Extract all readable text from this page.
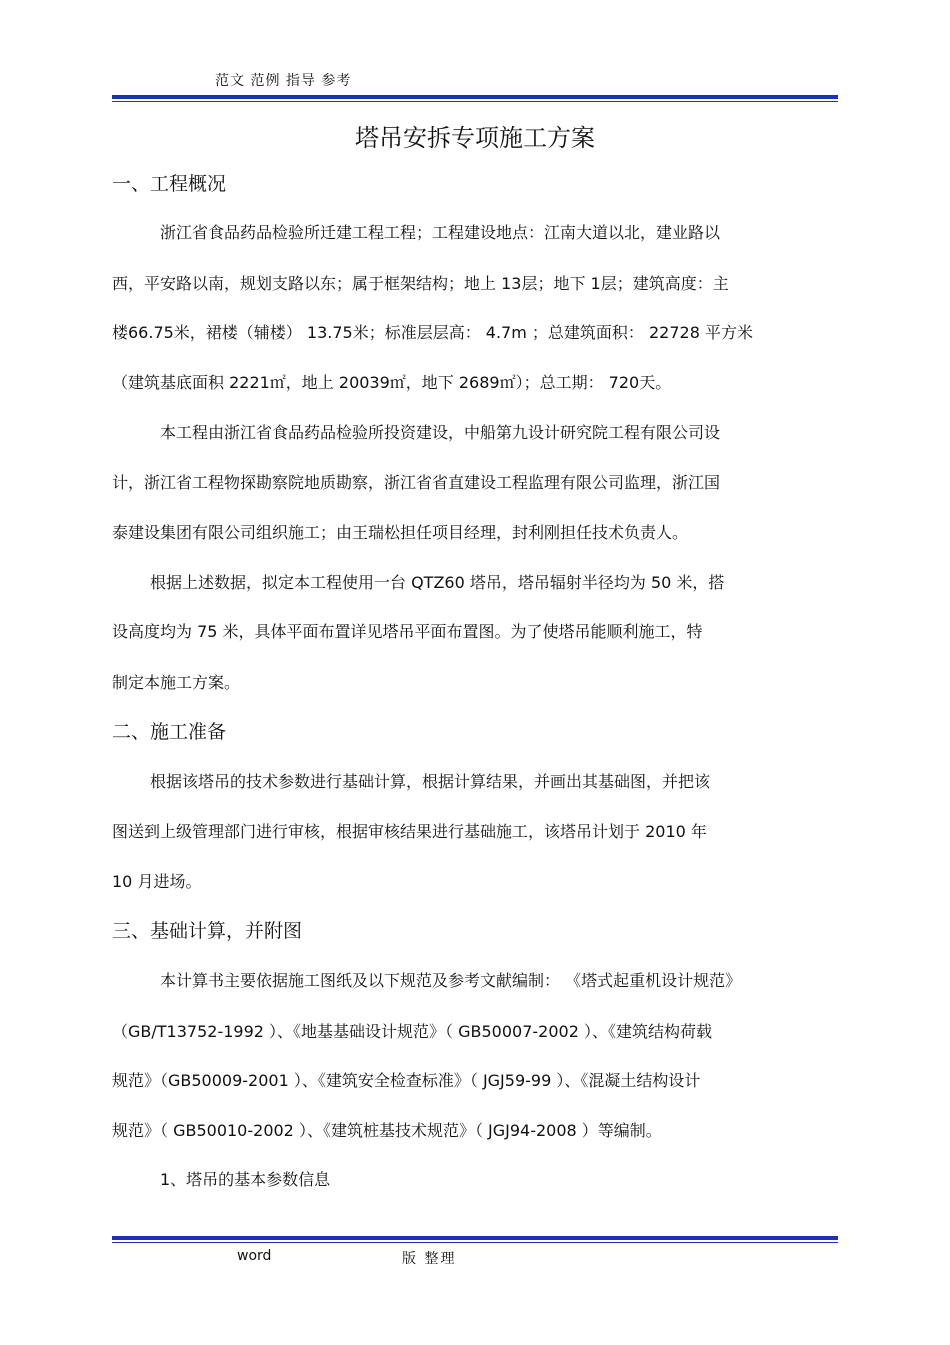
范文 范例 指导 参考
塔吊安拆专项施工方案
一、工程概况
浙江省食品药品检验所迁建工程工程；工程建设地点：江南大道以北，建业路以
西，平安路以南，规划支路以东；属于框架结构；地上 13层；地下 1层；建筑高度：主
楼66.75米，裙楼（辅楼） 13.75米；标准层层高： 4.7m ；总建筑面积： 22728 平方米
（建筑基底面积 2221㎡，地上 20039㎡，地下 2689㎡）；总工期： 720天。
本工程由浙江省食品药品检验所投资建设，中船第九设计研究院工程有限公司设
计，浙江省工程物探勘察院地质勘察，浙江省省直建设工程监理有限公司监理，浙江国
泰建设集团有限公司组织施工；由王瑞松担任项目经理，封利刚担任技术负责人。
根据上述数据，拟定本工程使用一台 QTZ60 塔吊，塔吊辐射半径均为 50 米，搭
设高度均为 75 米，具体平面布置详见塔吊平面布置图。为了使塔吊能顺利施工，特
制定本施工方案。
二、施工准备
根据该塔吊的技术参数进行基础计算，根据计算结果，并画出其基础图，并把该
图送到上级管理部门进行审核，根据审核结果进行基础施工，该塔吊计划于 2010 年
10 月进场。
三、基础计算，并附图
本计算书主要依据施工图纸及以下规范及参考文献编制： 《塔式起重机设计规范》
（GB/T13752-1992 ）、《地基基础设计规范》（ GB50007-2002 ）、《建筑结构荷载
规范》（GB50009-2001 ）、《建筑安全检查标准》（ JGJ59-99 ）、《混凝土结构设计
规范》（ GB50010-2002 ）、《建筑桩基技术规范》（ JGJ94-2008 ）等编制。
1、塔吊的基本参数信息
word	版 整理
